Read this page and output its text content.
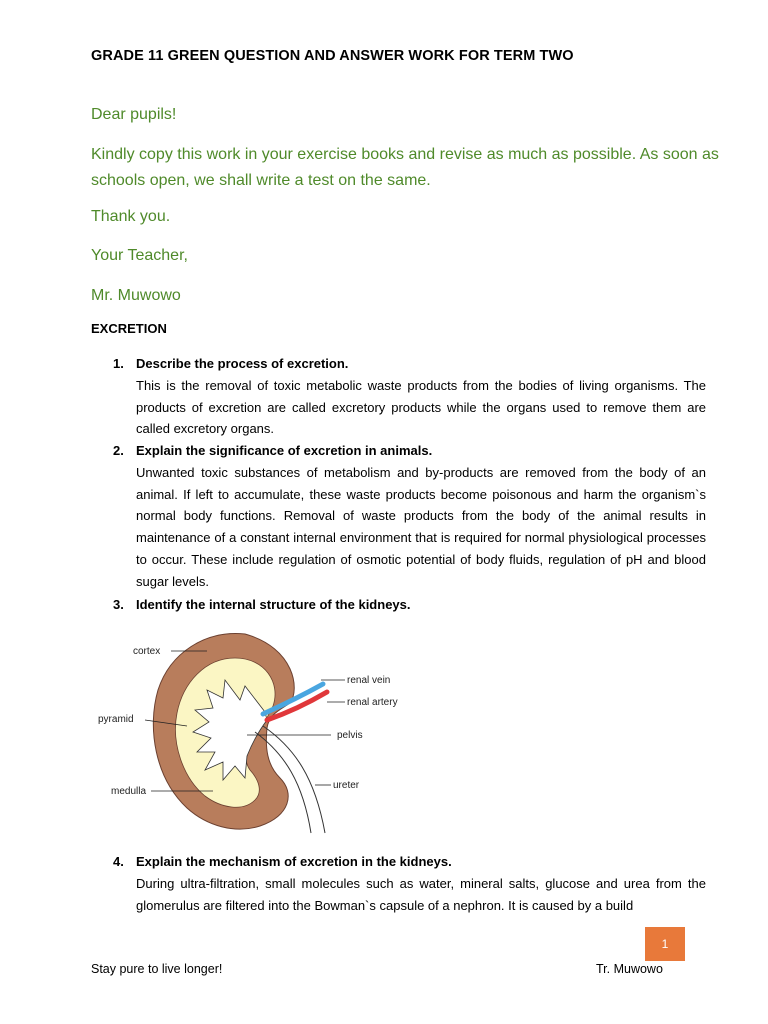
GRADE 11 GREEN QUESTION AND ANSWER WORK FOR TERM TWO
Dear pupils!
Kindly copy this work in your exercise books and revise as much as possible. As soon as schools open, we shall write a test on the same.
Thank you.
Your Teacher,
Mr. Muwowo
EXCRETION
1. Describe the process of excretion.
This is the removal of toxic metabolic waste products from the bodies of living organisms. The products of excretion are called excretory products while the organs used to remove them are called excretory organs.
2. Explain the significance of excretion in animals.
Unwanted toxic substances of metabolism and by-products are removed from the body of an animal. If left to accumulate, these waste products become poisonous and harm the organism`s normal body functions. Removal of waste products from the body of the animal results in maintenance of a constant internal environment that is required for normal physiological processes to occur. These include regulation of osmotic potential of body fluids, regulation of pH and blood sugar levels.
3. Identify the internal structure of the kidneys.
cortex
renal vein
renal artery
pyramid
pelvis
ureter
medulla
4. Explain the mechanism of excretion in the kidneys.
During ultra-filtration, small molecules such as water, mineral salts, glucose and urea from the glomerulus are filtered into the Bowman`s capsule of a nephron. It is caused by a build
1
Stay pure to live longer!	Tr. Muwowo
